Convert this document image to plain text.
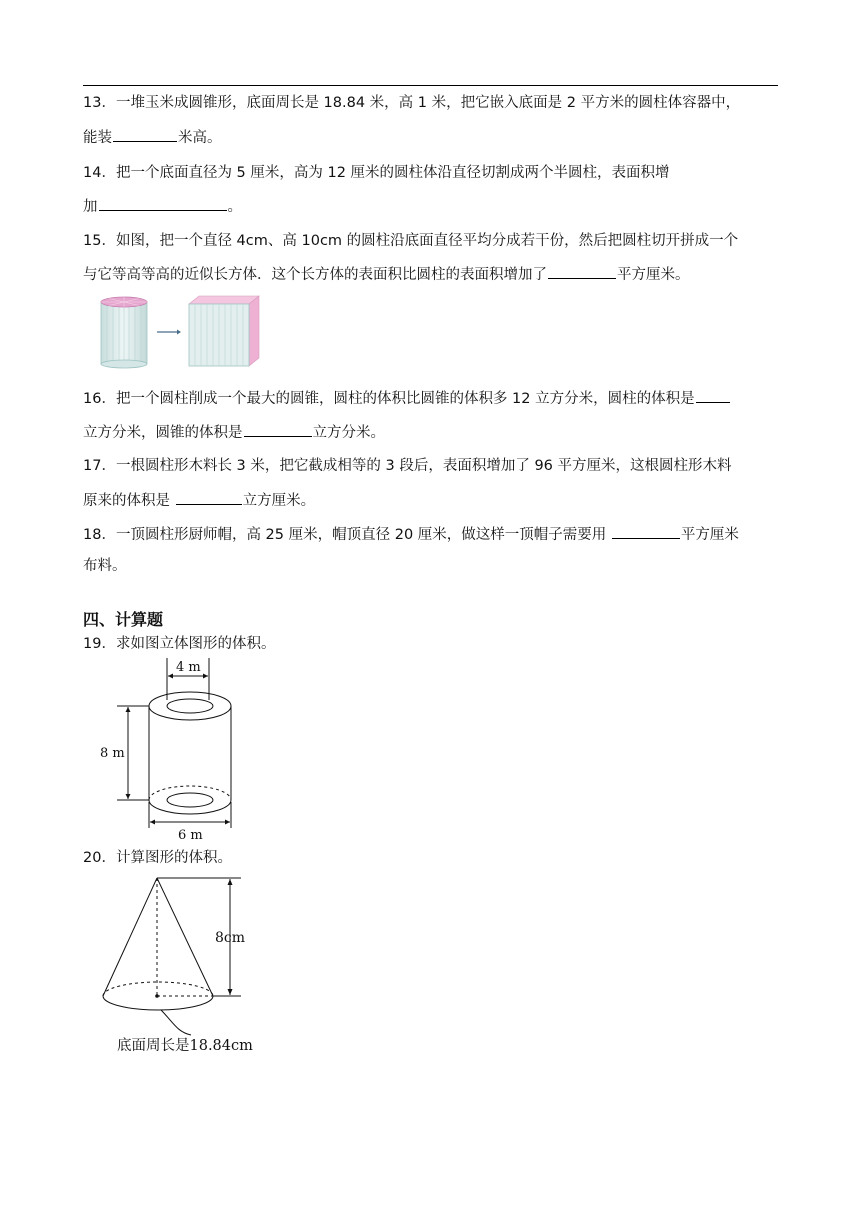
13．一堆玉米成圆锥形，底面周长是 18.84 米，高 1 米，把它嵌入底面是 2 平方米的圆柱体容器中，
能装	米高。
14．把一个底面直径为 5 厘米，高为 12 厘米的圆柱体沿直径切割成两个半圆柱，表面积增
加	。
15．如图，把一个直径 4cm、高 10cm 的圆柱沿底面直径平均分成若干份，然后把圆柱切开拼成一个
与它等高等高的近似长方体．这个长方体的表面积比圆柱的表面积增加了	平方厘米。
16．把一个圆柱削成一个最大的圆锥，圆柱的体积比圆锥的体积多 12 立方分米，圆柱的体积是
立方分米，圆锥的体积是	立方分米。
17．一根圆柱形木料长 3 米，把它截成相等的 3 段后，表面积增加了 96 平方厘米，这根圆柱形木料
原来的体积是	立方厘米。
18．一顶圆柱形厨师帽，高 25 厘米，帽顶直径 20 厘米，做这样一顶帽子需要用	平方厘米
布料。
四、计算题
19．求如图立体图形的体积。
4 m
8 m
6 m
20．计算图形的体积。
8cm
底面周长是18.84cm
